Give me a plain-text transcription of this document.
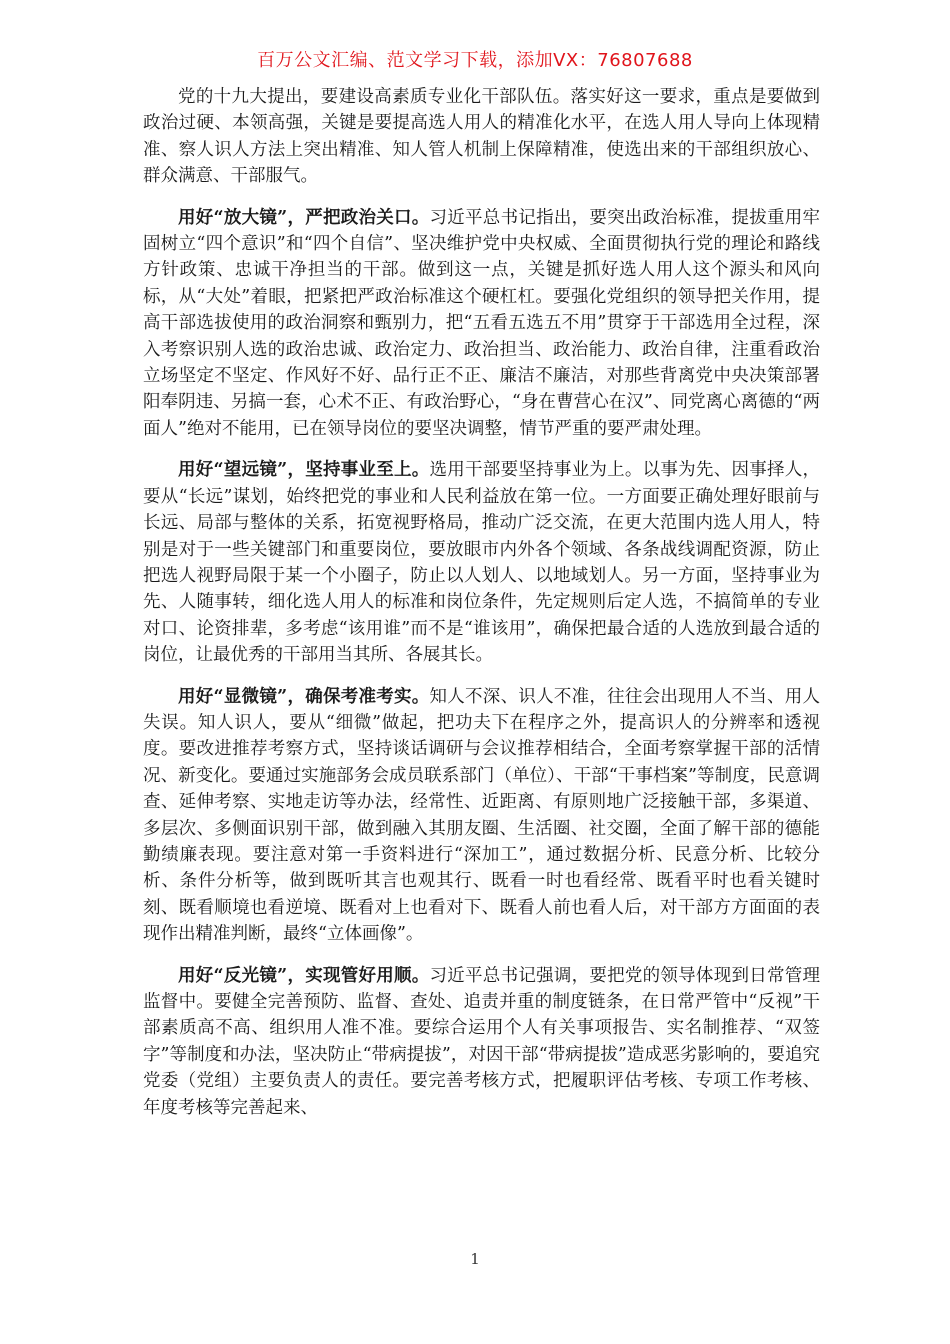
百万公文汇编、范文学习下载，添加VX：76807688

党的十九大提出，要建设高素质专业化干部队伍。落实好这一要求，重点是要做到政治过硬、本领高强，关键是要提高选人用人的精准化水平，在选人用人导向上体现精准、察人识人方法上突出精准、知人管人机制上保障精准，使选出来的干部组织放心、群众满意、干部服气。

用好“放大镜”，严把政治关口。习近平总书记指出，要突出政治标准，提拔重用牢固树立“四个意识”和“四个自信”、坚决维护党中央权威、全面贯彻执行党的理论和路线方针政策、忠诚干净担当的干部。做到这一点，关键是抓好选人用人这个源头和风向标，从“大处”着眼，把紧把严政治标准这个硬杠杠。要强化党组织的领导把关作用，提高干部选拔使用的政治洞察和甄别力，把“五看五选五不用”贯穿于干部选用全过程，深入考察识别人选的政治忠诚、政治定力、政治担当、政治能力、政治自律，注重看政治立场坚定不坚定、作风好不好、品行正不正、廉洁不廉洁，对那些背离党中央决策部署阳奉阴违、另搞一套，心术不正、有政治野心，“身在曹营心在汉”、同党离心离德的“两面人”绝对不能用，已在领导岗位的要坚决调整，情节严重的要严肃处理。

用好“望远镜”，坚持事业至上。选用干部要坚持事业为上。以事为先、因事择人，要从“长远”谋划，始终把党的事业和人民利益放在第一位。一方面要正确处理好眼前与长远、局部与整体的关系，拓宽视野格局，推动广泛交流，在更大范围内选人用人，特别是对于一些关键部门和重要岗位，要放眼市内外各个领域、各条战线调配资源，防止把选人视野局限于某一个小圈子，防止以人划人、以地域划人。另一方面，坚持事业为先、人随事转，细化选人用人的标准和岗位条件，先定规则后定人选，不搞简单的专业对口、论资排辈，多考虑“该用谁”而不是“谁该用”，确保把最合适的人选放到最合适的岗位，让最优秀的干部用当其所、各展其长。

用好“显微镜”，确保考准考实。知人不深、识人不准，往往会出现用人不当、用人失误。知人识人，要从“细微”做起，把功夫下在程序之外，提高识人的分辨率和透视度。要改进推荐考察方式，坚持谈话调研与会议推荐相结合，全面考察掌握干部的活情况、新变化。要通过实施部务会成员联系部门（单位）、干部“干事档案”等制度，民意调查、延伸考察、实地走访等办法，经常性、近距离、有原则地广泛接触干部，多渠道、多层次、多侧面识别干部，做到融入其朋友圈、生活圈、社交圈，全面了解干部的德能勤绩廉表现。要注意对第一手资料进行“深加工”，通过数据分析、民意分析、比较分析、条件分析等，做到既听其言也观其行、既看一时也看经常、既看平时也看关键时刻、既看顺境也看逆境、既看对上也看对下、既看人前也看人后，对干部方方面面的表现作出精准判断，最终“立体画像”。

用好“反光镜”，实现管好用顺。习近平总书记强调，要把党的领导体现到日常管理监督中。要健全完善预防、监督、查处、追责并重的制度链条，在日常严管中“反视”干部素质高不高、组织用人准不准。要综合运用个人有关事项报告、实名制推荐、“双签字”等制度和办法，坚决防止“带病提拔”，对因干部“带病提拔”造成恶劣影响的，要追究党委（党组）主要负责人的责任。要完善考核方式，把履职评估考核、专项工作考核、年度考核等完善起来、

1
